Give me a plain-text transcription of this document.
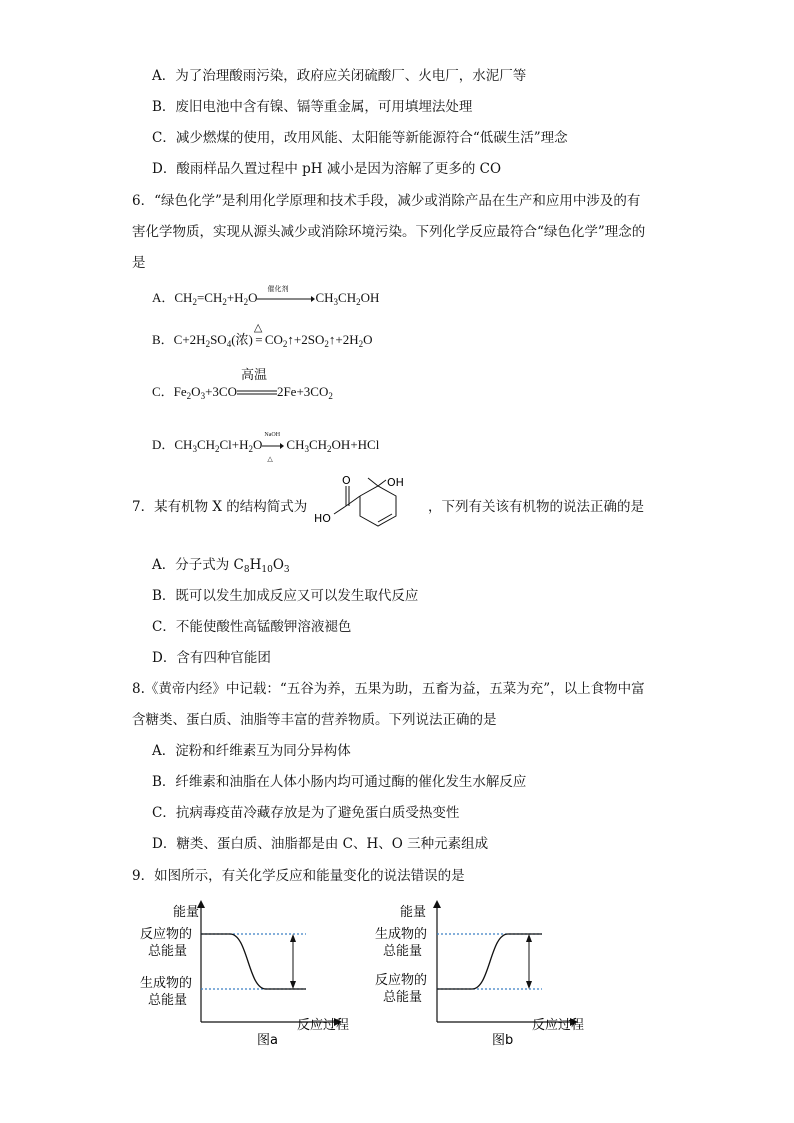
A．为了治理酸雨污染，政府应关闭硫酸厂、火电厂，水泥厂等
B．废旧电池中含有镍、镉等重金属，可用填埋法处理
C．减少燃煤的使用，改用风能、太阳能等新能源符合“低碳生活”理念
D．酸雨样品久置过程中 pH 减小是因为溶解了更多的 CO
6．“绿色化学”是利用化学原理和技术手段，减少或消除产品在生产和应用中涉及的有
害化学物质，实现从源头减少或消除环境污染。下列化学反应最符合“绿色化学”理念的
是
A．$CH_2=CH_2+H_2O$
催化剂
$CH_3CH_2OH$
B．$C+2H_2SO_4$(浓)
△
$=CO_2↑+2SO_2↑+2H_2O$
C．$Fe_2O_3+3CO$
高温
$2Fe+3CO_2$
D．$CH_3CH_2Cl+H_2O$
NaOH
△
$CH_3CH_2OH+HCl$
7．某有机物 X 的结构简式为
OH
O
HO
，下列有关该有机物的说法正确的是
A．分子式为 $C_8H_{10}O_3$
B．既可以发生加成反应又可以发生取代反应
C．不能使酸性高锰酸钾溶液褪色
D．含有四种官能团
8.《黄帝内经》中记载：“五谷为养，五果为助，五畜为益，五菜为充”，以上食物中富
含糖类、蛋白质、油脂等丰富的营养物质。下列说法正确的是
A．淀粉和纤维素互为同分异构体
B．纤维素和油脂在人体小肠内均可通过酶的催化发生水解反应
C．抗病毒疫苗冷藏存放是为了避免蛋白质受热变性
D．糖类、蛋白质、油脂都是由 C、H、O 三种元素组成
9．如图所示，有关化学反应和能量变化的说法错误的是
能量
反应物的
总能量
生成物的
总能量
反应过程
图a
能量
生成物的
总能量
反应物的
总能量
反应过程
图b
